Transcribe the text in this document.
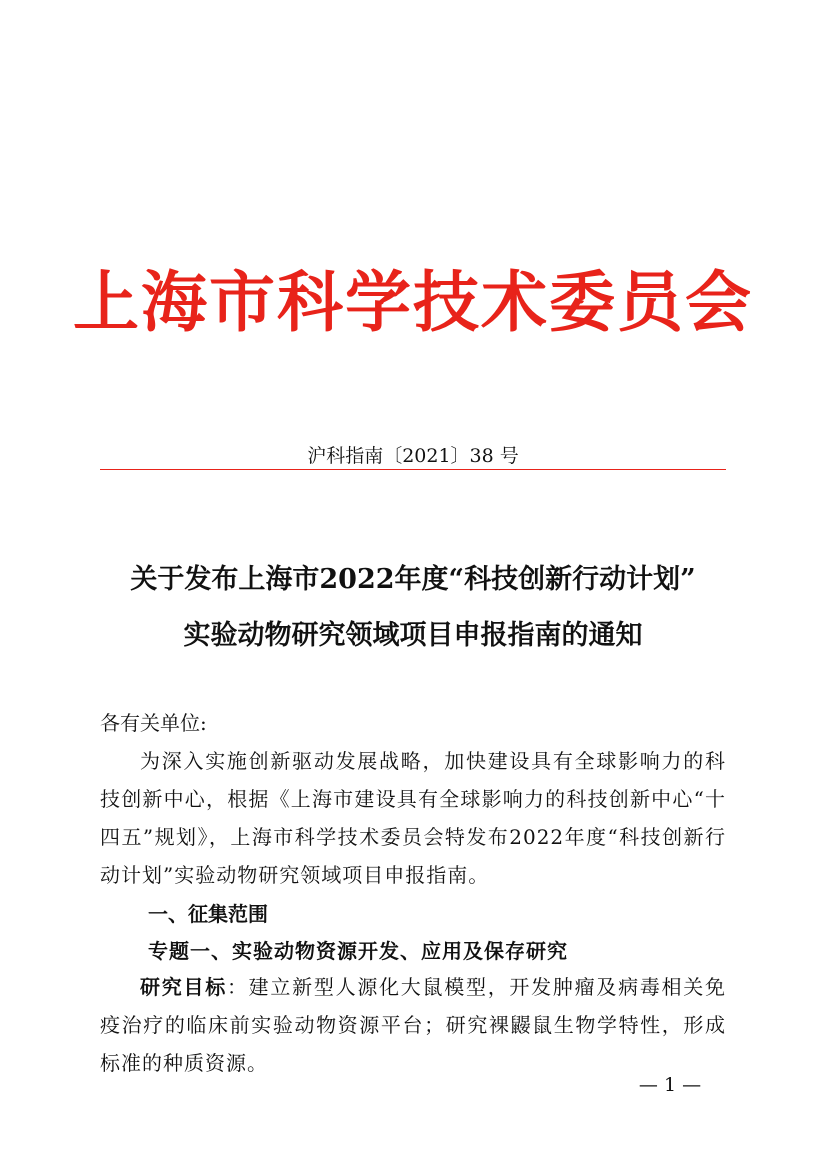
上海市科学技术委员会
沪科指南〔2021〕38 号
关于发布上海市2022年度“科技创新行动计划”
实验动物研究领域项目申报指南的通知
各有关单位:
为深入实施创新驱动发展战略，加快建设具有全球影响力的科技创新中心，根据《上海市建设具有全球影响力的科技创新中心“十四五”规划》，上海市科学技术委员会特发布2022年度“科技创新行动计划”实验动物研究领域项目申报指南。
一、征集范围
专题一、实验动物资源开发、应用及保存研究
研究目标：建立新型人源化大鼠模型，开发肿瘤及病毒相关免疫治疗的临床前实验动物资源平台；研究裸鼹鼠生物学特性，形成标准的种质资源。
— 1 —
